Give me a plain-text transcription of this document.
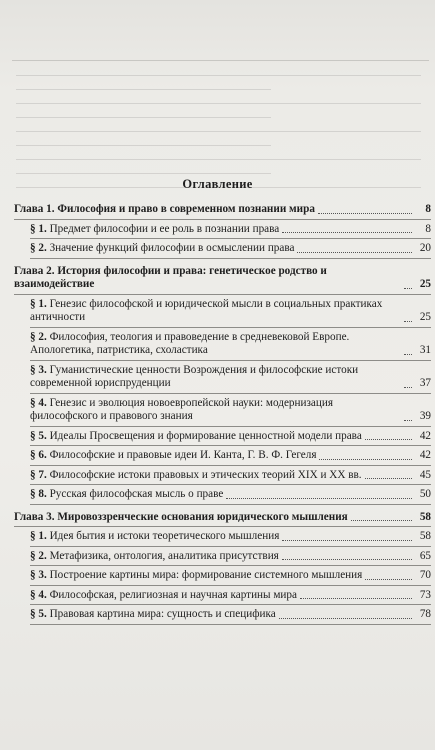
Оглавление
Глава 1. Философия и право в современном познании мира	8
§ 1. Предмет философии и ее роль в познании права	8
§ 2. Значение функций философии в осмыслении права	20
Глава 2. История философии и права: генетическое родство и взаимодействие	25
§ 1. Генезис философской и юридической мысли в социальных практиках античности	25
§ 2. Философия, теология и правоведение в средневековой Европе. Апологетика, патристика, схоластика	31
§ 3. Гуманистические ценности Возрождения и философские истоки современной юриспруденции	37
§ 4. Генезис и эволюция новоевропейской науки: модернизация философского и правового знания	39
§ 5. Идеалы Просвещения и формирование ценностной модели права	42
§ 6. Философские и правовые идеи И. Канта, Г. В. Ф. Гегеля	42
§ 7. Философские истоки правовых и этических теорий XIX и XX вв.	45
§ 8. Русская философская мысль о праве	50
Глава 3. Мировоззренческие основания юридического мышления	58
§ 1. Идея бытия и истоки теоретического мышления	58
§ 2. Метафизика, онтология, аналитика присутствия	65
§ 3. Построение картины мира: формирование системного мышления	70
§ 4. Философская, религиозная и научная картины мира	73
§ 5. Правовая картина мира: сущность и специфика	78
